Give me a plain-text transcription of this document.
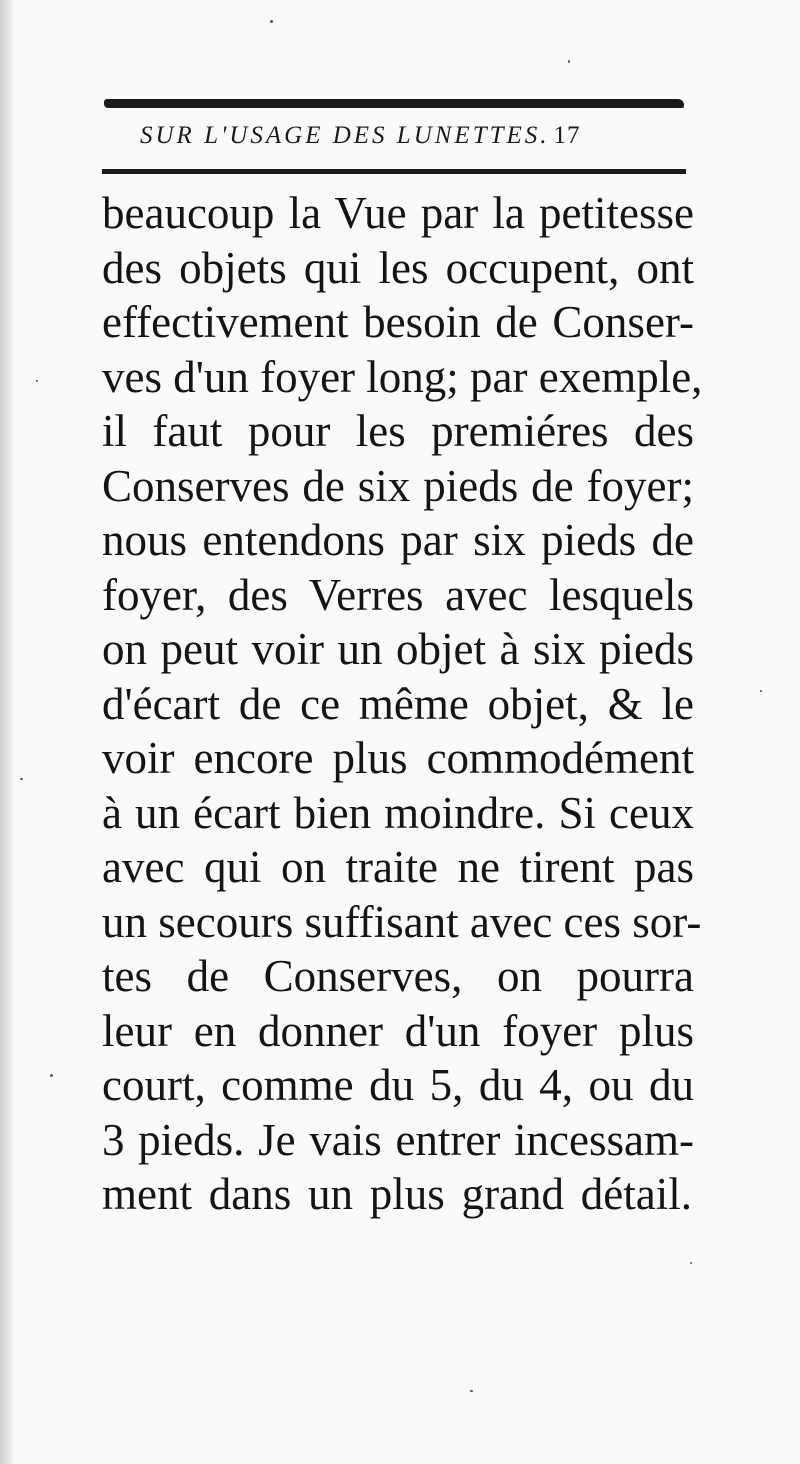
SUR L'USAGE DES LUNETTES. 17
beaucoup la Vue par la petitesse
des objets qui les occupent, ont
effectivement besoin de Conser-
ves d'un foyer long; par exemple,
il faut pour les premiéres des
Conserves de six pieds de foyer;
nous entendons par six pieds de
foyer, des Verres avec lesquels
on peut voir un objet à six pieds
d'écart de ce même objet, & le
voir encore plus commodément
à un écart bien moindre. Si ceux
avec qui on traite ne tirent pas
un secours suffisant avec ces sor-
tes de Conserves, on pourra
leur en donner d'un foyer plus
court, comme du 5, du 4, ou du
3 pieds. Je vais entrer incessam-
ment dans un plus grand détail.
